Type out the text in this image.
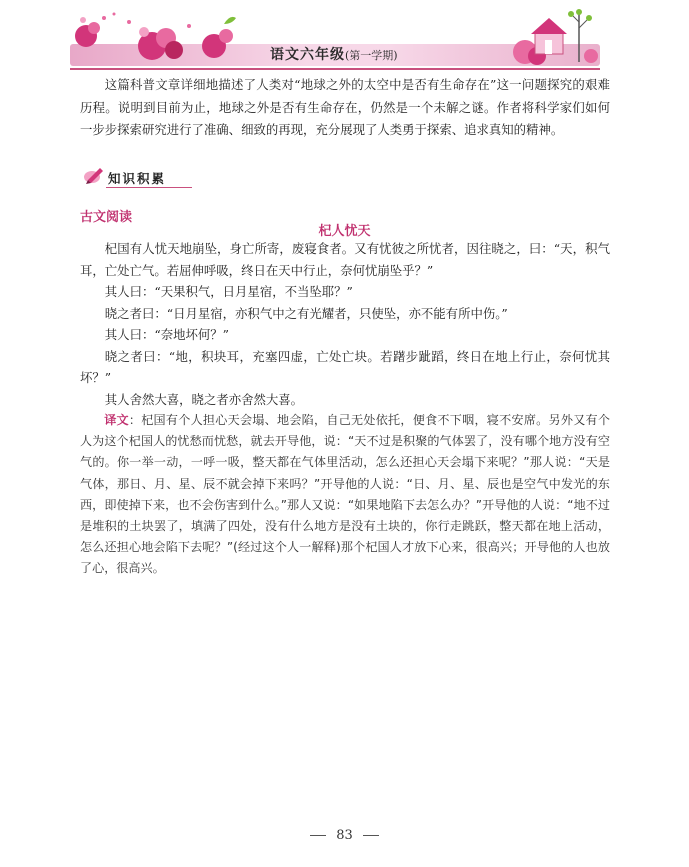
语文六年级(第一学期)

这篇科普文章详细地描述了人类对“地球之外的太空中是否有生命存在”这一问题探究的艰难历程。说明到目前为止，地球之外是否有生命存在，仍然是一个未解之谜。作者将科学家们如何一步步探索研究进行了准确、细致的再现，充分展现了人类勇于探索、追求真知的精神。

知识积累
古文阅读
杞人忧天

杞国有人忧天地崩坠，身亡所寄，废寝食者。又有忧彼之所忧者，因往晓之，曰：“天，积气耳，亡处亡气。若屈伸呼吸，终日在天中行止，奈何忧崩坠乎？”

其人曰：“天果积气，日月星宿，不当坠耶？”

晓之者曰：“日月星宿，亦积气中之有光耀者，只使坠，亦不能有所中伤。”

其人曰：“奈地坏何？”

晓之者曰：“地，积块耳，充塞四虚，亡处亡块。若躇步跐蹈，终日在地上行止，奈何忧其坏？”

其人舍然大喜，晓之者亦舍然大喜。

译文：杞国有个人担心天会塌、地会陷，自己无处依托，便食不下咽，寝不安席。另外又有个人为这个杞国人的忧愁而忧愁，就去开导他，说：“天不过是积聚的气体罢了，没有哪个地方没有空气的。你一举一动，一呼一吸，整天都在气体里活动，怎么还担心天会塌下来呢？”那人说：“天是气体，那日、月、星、辰不就会掉下来吗？”开导他的人说：“日、月、星、辰也是空气中发光的东西，即使掉下来，也不会伤害到什么。”那人又说：“如果地陷下去怎么办？”开导他的人说：“地不过是堆积的土块罢了，填满了四处，没有什么地方是没有土块的，你行走跳跃，整天都在地上活动，怎么还担心地会陷下去呢？”(经过这个人一解释)那个杞国人才放下心来，很高兴；开导他的人也放了心，很高兴。

83
